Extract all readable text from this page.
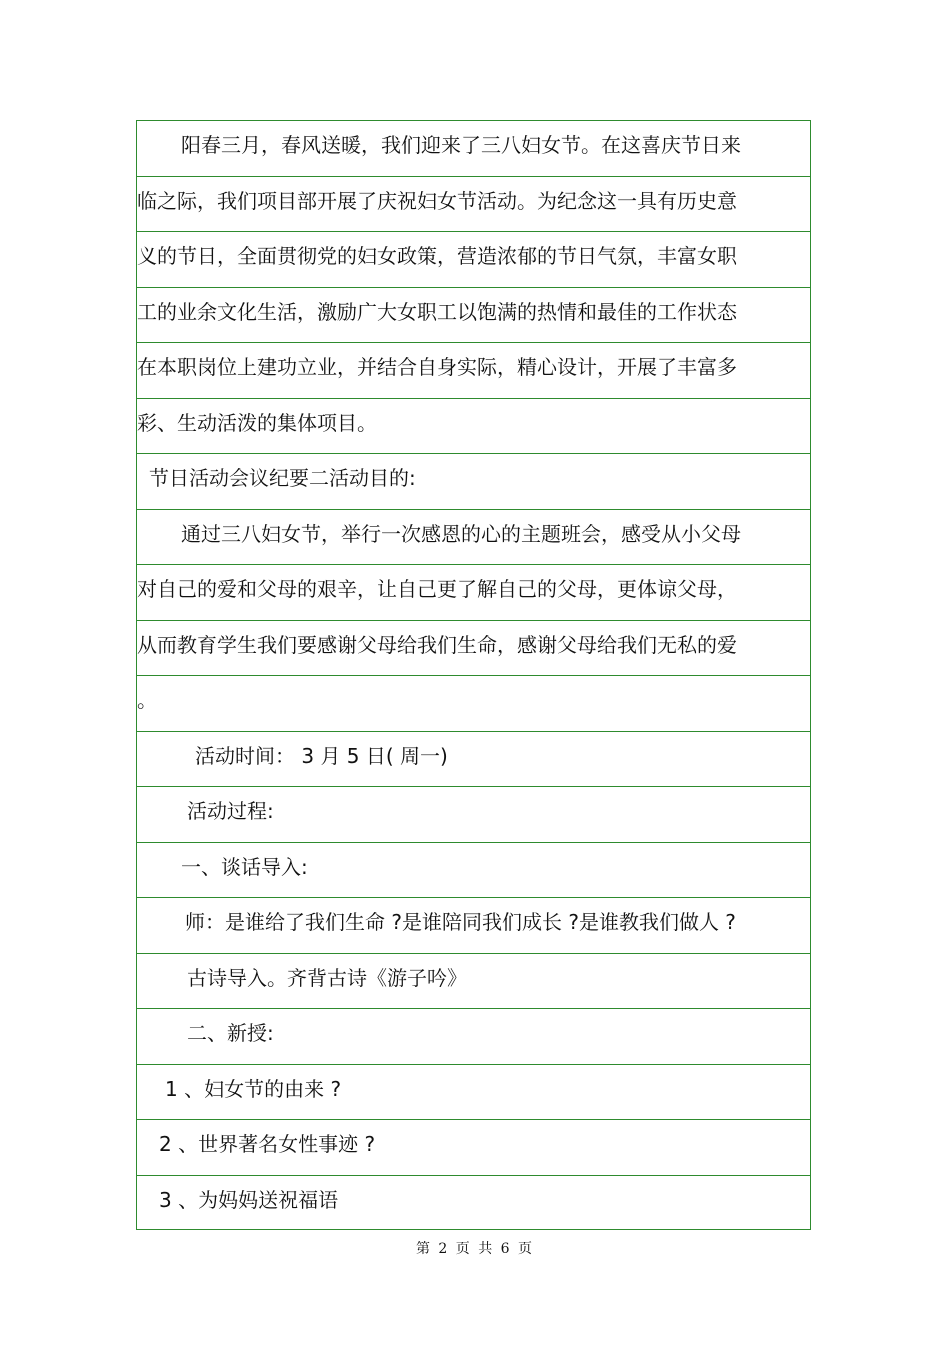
阳春三月，春风送暖，我们迎来了三八妇女节。在这喜庆节日来
临之际，我们项目部开展了庆祝妇女节活动。为纪念这一具有历史意
义的节日，全面贯彻党的妇女政策，营造浓郁的节日气氛，丰富女职
工的业余文化生活，激励广大女职工以饱满的热情和最佳的工作状态
在本职岗位上建功立业，并结合自身实际，精心设计，开展了丰富多
彩、生动活泼的集体项目。
节日活动会议纪要二活动目的:
通过三八妇女节，举行一次感恩的心的主题班会，感受从小父母
对自己的爱和父母的艰辛，让自己更了解自己的父母，更体谅父母，
从而教育学生我们要感谢父母给我们生命，感谢父母给我们无私的爱
。
活动时间： 3 月 5 日( 周一)
活动过程:
一、谈话导入:
师：是谁给了我们生命 ?是谁陪同我们成长 ?是谁教我们做人 ?
古诗导入。齐背古诗《游子吟》
二、新授:
1 、妇女节的由来 ?
2 、世界著名女性事迹 ?
3 、为妈妈送祝福语
第 2 页 共 6 页
